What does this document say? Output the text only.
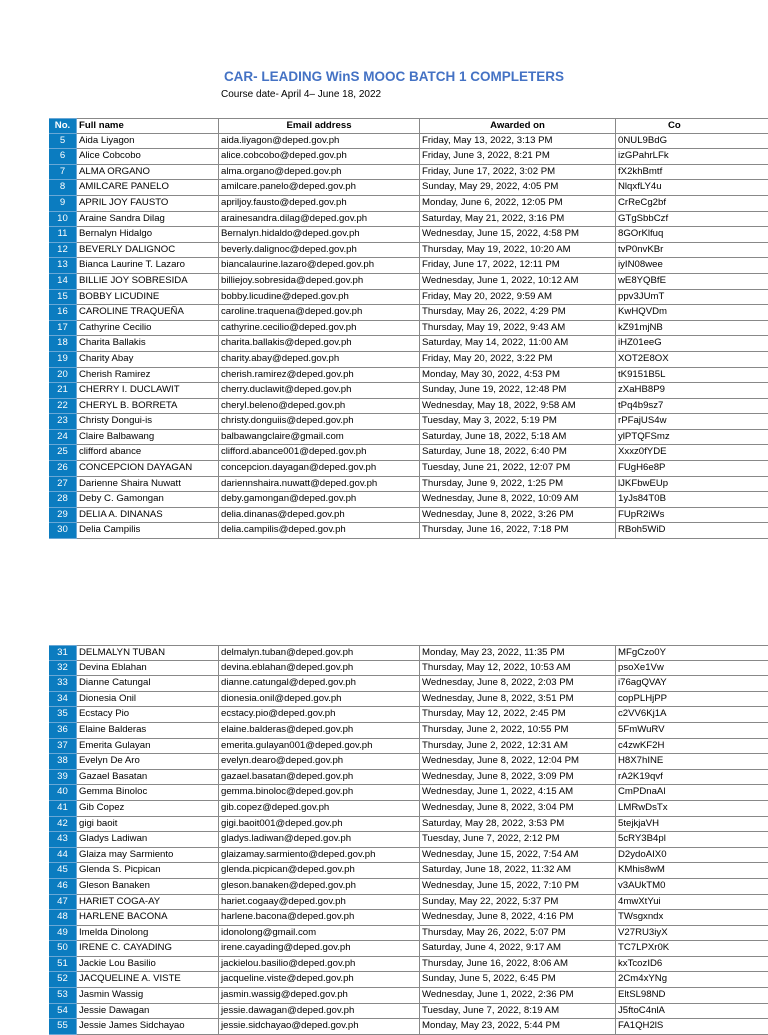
CAR- LEADING WinS MOOC BATCH 1 COMPLETERS
Course date- April 4– June 18, 2022
No. Full name	Email address	Awarded on	Co
5	Aida Liyagon	aida.liyagon@deped.gov.ph	Friday, May 13, 2022, 3:13 PM	0NUL9BdG
6	Alice Cobcobo	alice.cobcobo@deped.gov.ph	Friday, June 3, 2022, 8:21 PM	izGPahrLFk
7	ALMA ORGANO	alma.organo@deped.gov.ph	Friday, June 17, 2022, 3:02 PM	fX2khBmtf
8	AMILCARE PANELO	amilcare.panelo@deped.gov.ph	Sunday, May 29, 2022, 4:05 PM	NlqxfLY4u
9	APRIL JOY FAUSTO	apriljoy.fausto@deped.gov.ph	Monday, June 6, 2022, 12:05 PM	CrReCg2bf
10	Araine Sandra Dilag	arainesandra.dilag@deped.gov.ph	Saturday, May 21, 2022, 3:16 PM	GTgSbbCzf
11	Bernalyn Hidalgo	Bernalyn.hidaldo@deped.gov.ph	Wednesday, June 15, 2022, 4:58 PM	8GOrKlfuq
12	BEVERLY DALIGNOC	beverly.dalignoc@deped.gov.ph	Thursday, May 19, 2022, 10:20 AM	tvP0nvKBr
13	Bianca Laurine T. Lazaro	biancalaurine.lazaro@deped.gov.ph	Friday, June 17, 2022, 12:11 PM	iyIN08wee
14	BILLIE JOY SOBRESIDA	billiejoy.sobresida@deped.gov.ph	Wednesday, June 1, 2022, 10:12 AM	wE8YQBfE
15	BOBBY LICUDINE	bobby.licudine@deped.gov.ph	Friday, May 20, 2022, 9:59 AM	ppv3JUmT
16	CAROLINE TRAQUEÑA	caroline.traquena@deped.gov.ph	Thursday, May 26, 2022, 4:29 PM	KwHQVDm
17	Cathyrine Cecilio	cathyrine.cecilio@deped.gov.ph	Thursday, May 19, 2022, 9:43 AM	kZ91mjNB
18	Charita Ballakis	charita.ballakis@deped.gov.ph	Saturday, May 14, 2022, 11:00 AM	iHZ01eeG
19	Charity Abay	charity.abay@deped.gov.ph	Friday, May 20, 2022, 3:22 PM	XOT2E8OX
20	Cherish Ramirez	cherish.ramirez@deped.gov.ph	Monday, May 30, 2022, 4:53 PM	tK9151B5L
21	CHERRY I. DUCLAWIT	cherry.duclawit@deped.gov.ph	Sunday, June 19, 2022, 12:48 PM	zXaHB8P9
22	CHERYL B. BORRETA	cheryl.beleno@deped.gov.ph	Wednesday, May 18, 2022, 9:58 AM	tPq4b9sz7
23	Christy Dongui-is	christy.donguiis@deped.gov.ph	Tuesday, May 3, 2022, 5:19 PM	rPFajUS4w
24	Claire Balbawang	balbawangclaire@gmail.com	Saturday, June 18, 2022, 5:18 AM	ylPTQFSmz
25	clifford abance	clifford.abance001@deped.gov.ph	Saturday, June 18, 2022, 6:40 PM	Xxxz0fYDE
26	CONCEPCION DAYAGAN	concepcion.dayagan@deped.gov.ph	Tuesday, June 21, 2022, 12:07 PM	FUgH6e8P
27	Darienne Shaira Nuwatt	dariennshaira.nuwatt@deped.gov.ph	Thursday, June 9, 2022, 1:25 PM	lJKFbwEUp
28	Deby C. Gamongan	deby.gamongan@deped.gov.ph	Wednesday, June 8, 2022, 10:09 AM	1yJs84T0B
29	DELIA A. DINANAS	delia.dinanas@deped.gov.ph	Wednesday, June 8, 2022, 3:26 PM	FUpR2iWs
30	Delia Campilis	delia.campilis@deped.gov.ph	Thursday, June 16, 2022, 7:18 PM	RBoh5WiD
31	DELMALYN TUBAN	delmalyn.tuban@deped.gov.ph	Monday, May 23, 2022, 11:35 PM	MFgCzo0Y
32	Devina Eblahan	devina.eblahan@deped.gov.ph	Thursday, May 12, 2022, 10:53 AM	psoXe1Vw
33	Dianne Catungal	dianne.catungal@deped.gov.ph	Wednesday, June 8, 2022, 2:03 PM	i76agQVAY
34	Dionesia Onil	dionesia.onil@deped.gov.ph	Wednesday, June 8, 2022, 3:51 PM	copPLHjPP
35	Ecstacy Pio	ecstacy.pio@deped.gov.ph	Thursday, May 12, 2022, 2:45 PM	c2VV6Kj1A
36	Elaine Balderas	elaine.balderas@deped.gov.ph	Thursday, June 2, 2022, 10:55 PM	5FmWuRV
37	Emerita Gulayan	emerita.gulayan001@deped.gov.ph	Thursday, June 2, 2022, 12:31 AM	c4zwKF2H
38	Evelyn De Aro	evelyn.dearo@deped.gov.ph	Wednesday, June 8, 2022, 12:04 PM	H8X7hINE
39	Gazael Basatan	gazael.basatan@deped.gov.ph	Wednesday, June 8, 2022, 3:09 PM	rA2K19qvf
40	Gemma Binoloc	gemma.binoloc@deped.gov.ph	Wednesday, June 1, 2022, 4:15 AM	CmPDnaAl
41	Gib Copez	gib.copez@deped.gov.ph	Wednesday, June 8, 2022, 3:04 PM	LMRwDsTx
42	gigi baoit	gigi.baoit001@deped.gov.ph	Saturday, May 28, 2022, 3:53 PM	5tejkjaVH
43	Gladys Ladiwan	gladys.ladiwan@deped.gov.ph	Tuesday, June 7, 2022, 2:12 PM	5cRY3B4pl
44	Glaiza may Sarmiento	glaizamay.sarmiento@deped.gov.ph	Wednesday, June 15, 2022, 7:54 AM	D2ydoAIX0
45	Glenda S. Picpican	glenda.picpican@deped.gov.ph	Saturday, June 18, 2022, 11:32 AM	KMhis8wM
46	Gleson Banaken	gleson.banaken@deped.gov.ph	Wednesday, June 15, 2022, 7:10 PM	v3AUkTM0
47	HARIET COGA-AY	hariet.cogaay@deped.gov.ph	Sunday, May 22, 2022, 5:37 PM	4mwXtYui
48	HARLENE BACONA	harlene.bacona@deped.gov.ph	Wednesday, June 8, 2022, 4:16 PM	TWsgxndx
49	Imelda Dinolong	idonolong@gmail.com	Thursday, May 26, 2022, 5:07 PM	V27RU3iyX
50	IRENE C. CAYADING	irene.cayading@deped.gov.ph	Saturday, June 4, 2022, 9:17 AM	TC7LPXr0K
51	Jackie Lou Basilio	jackielou.basilio@deped.gov.ph	Thursday, June 16, 2022, 8:06 AM	kxTcozID6
52	JACQUELINE A. VISTE	jacqueline.viste@deped.gov.ph	Sunday, June 5, 2022, 6:45 PM	2Cm4xYNg
53	Jasmin Wassig	jasmin.wassig@deped.gov.ph	Wednesday, June 1, 2022, 2:36 PM	EltSL98ND
54	Jessie Dawagan	jessie.dawagan@deped.gov.ph	Tuesday, June 7, 2022, 8:19 AM	J5ftoC4nlA
55	Jessie James Sidchayao	jessie.sidchayao@deped.gov.ph	Monday, May 23, 2022, 5:44 PM	FA1QH2lS
